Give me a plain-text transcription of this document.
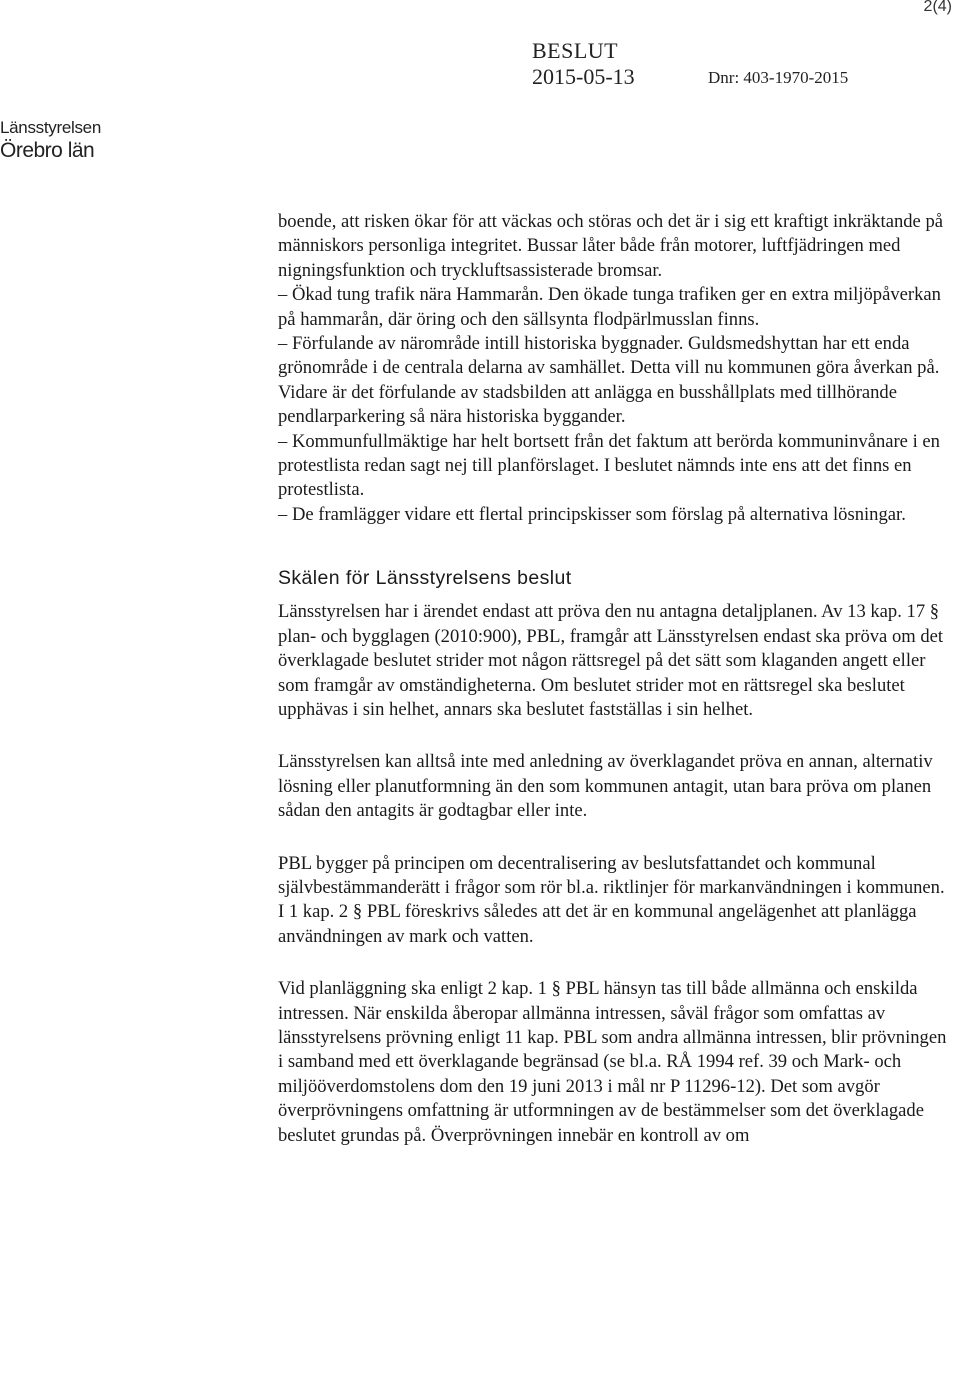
2(4)
BESLUT
2015-05-13	Dnr: 403-1970-2015
Länsstyrelsen
Örebro län

boende, att risken ökar för att väckas och störas och det är i sig ett kraftigt inkräktande på människors personliga integritet. Bussar låter både från motorer, luftfjädringen med nigningsfunktion och tryckluftsassisterade bromsar.

– Ökad tung trafik nära Hammarån. Den ökade tunga trafiken ger en extra miljöpåverkan på hammarån, där öring och den sällsynta flodpärlmusslan finns.

– Förfulande av närområde intill historiska byggnader. Guldsmedshyttan har ett enda grönområde i de centrala delarna av samhället. Detta vill nu kommunen göra åverkan på. Vidare är det förfulande av stadsbilden att anlägga en busshållplats med tillhörande pendlarparkering så nära historiska byggander.

– Kommunfullmäktige har helt bortsett från det faktum att berörda kommuninvånare i en protestlista redan sagt nej till planförslaget. I beslutet nämnds inte ens att det finns en protestlista.

– De framlägger vidare ett flertal principskisser som förslag på alternativa lösningar.

Skälen för Länsstyrelsens beslut

Länsstyrelsen har i ärendet endast att pröva den nu antagna detaljplanen. Av 13 kap. 17 § plan- och bygglagen (2010:900), PBL, framgår att Länsstyrelsen endast ska pröva om det överklagade beslutet strider mot någon rättsregel på det sätt som klaganden angett eller som framgår av omständigheterna. Om beslutet strider mot en rättsregel ska beslutet upphävas i sin helhet, annars ska beslutet fastställas i sin helhet.

Länsstyrelsen kan alltså inte med anledning av överklagandet pröva en annan, alternativ lösning eller planutformning än den som kommunen antagit, utan bara pröva om planen sådan den antagits är godtagbar eller inte.

PBL bygger på principen om decentralisering av beslutsfattandet och kommunal självbestämmanderätt i frågor som rör bl.a. riktlinjer för markanvändningen i kommunen. I 1 kap. 2 § PBL föreskrivs således att det är en kommunal angelägenhet att planlägga användningen av mark och vatten.

Vid planläggning ska enligt 2 kap. 1 § PBL hänsyn tas till både allmänna och enskilda intressen. När enskilda åberopar allmänna intressen, såväl frågor som omfattas av länsstyrelsens prövning enligt 11 kap. PBL som andra allmänna intressen, blir prövningen i samband med ett överklagande begränsad (se bl.a. RÅ 1994 ref. 39 och Mark- och miljööverdomstolens dom den 19 juni 2013 i mål nr P 11296-12). Det som avgör överprövningens omfattning är utformningen av de bestämmelser som det överklagade beslutet grundas på. Överprövningen innebär en kontroll av om
